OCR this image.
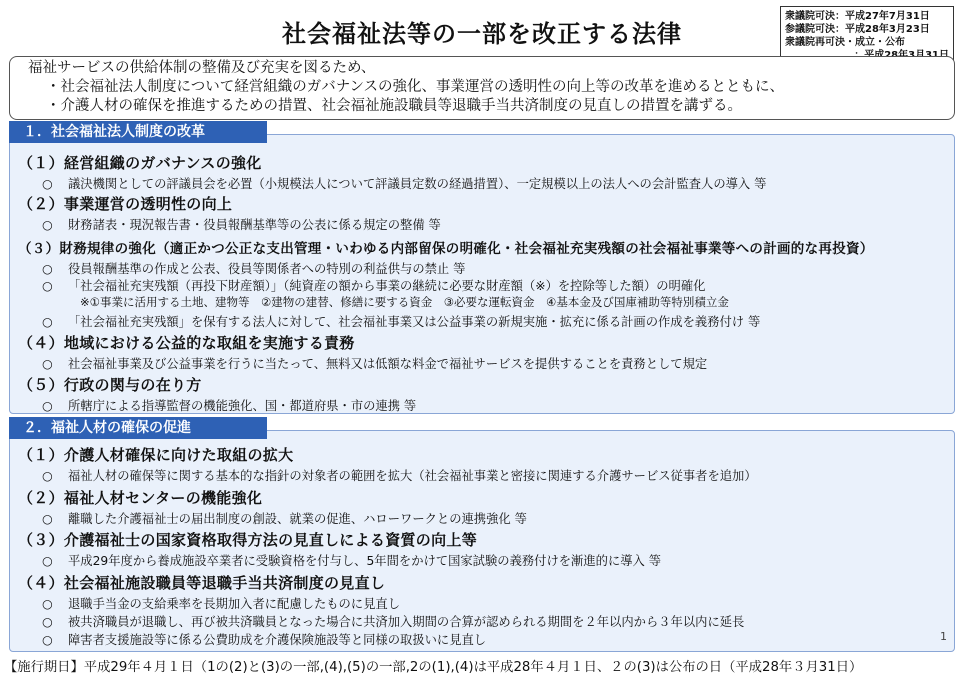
社会福祉法等の一部を改正する法律
衆議院可決：平成27年7月31日
参議院可決：平成28年3月23日
衆議院再可決・成立・公布
福祉サービスの供給体制の整備及び充実を図るため、
・社会福祉法人制度について経営組織のガバナンスの強化、事業運営の透明性の向上等の改革を進めるとともに、
・介護人材の確保を推進するための措置、社会福祉施設職員等退職手当共済制度の見直しの措置を講ずる。
１．社会福祉法人制度の改革
（１）経営組織のガバナンスの強化
○ 議決機関としての評議員会を必置（小規模法人について評議員定数の経過措置）、一定規模以上の法人への会計監査人の導入 等
（２）事業運営の透明性の向上
○ 財務諸表・現況報告書・役員報酬基準等の公表に係る規定の整備 等
（３）財務規律の強化（適正かつ公正な支出管理・いわゆる内部留保の明確化・社会福祉充実残額の社会福祉事業等への計画的な再投資）
○ 役員報酬基準の作成と公表、役員等関係者への特別の利益供与の禁止 等
○ 「社会福祉充実残額（再投下財産額）」（純資産の額から事業の継続に必要な財産額（※）を控除等した額）の明確化
※①事業に活用する土地、建物等　②建物の建替、修繕に要する資金　③必要な運転資金　④基本金及び国庫補助等特別積立金
○ 「社会福祉充実残額」を保有する法人に対して、社会福祉事業又は公益事業の新規実施・拡充に係る計画の作成を義務付け 等
（４）地域における公益的な取組を実施する責務
○ 社会福祉事業及び公益事業を行うに当たって、無料又は低額な料金で福祉サービスを提供することを責務として規定
（５）行政の関与の在り方
○ 所轄庁による指導監督の機能強化、国・都道府県・市の連携 等
２．福祉人材の確保の促進
（１）介護人材確保に向けた取組の拡大
○ 福祉人材の確保等に関する基本的な指針の対象者の範囲を拡大（社会福祉事業と密接に関連する介護サービス従事者を追加）
（２）福祉人材センターの機能強化
○ 離職した介護福祉士の届出制度の創設、就業の促進、ハローワークとの連携強化 等
（３）介護福祉士の国家資格取得方法の見直しによる資質の向上等
○ 平成29年度から養成施設卒業者に受験資格を付与し、5年間をかけて国家試験の義務付けを漸進的に導入 等
（４）社会福祉施設職員等退職手当共済制度の見直し
○ 退職手当金の支給乗率を長期加入者に配慮したものに見直し
○ 被共済職員が退職し、再び被共済職員となった場合に共済加入期間の合算が認められる期間を２年以内から３年以内に延長
○ 障害者支援施設等に係る公費助成を介護保険施設等と同様の取扱いに見直し	1
【施行期日】平成29年４月１日（1の(2)と(3)の一部,(4),(5)の一部,2の(1),(4)は平成28年４月１日、２の(3)は公布の日（平成28年３月31日）
